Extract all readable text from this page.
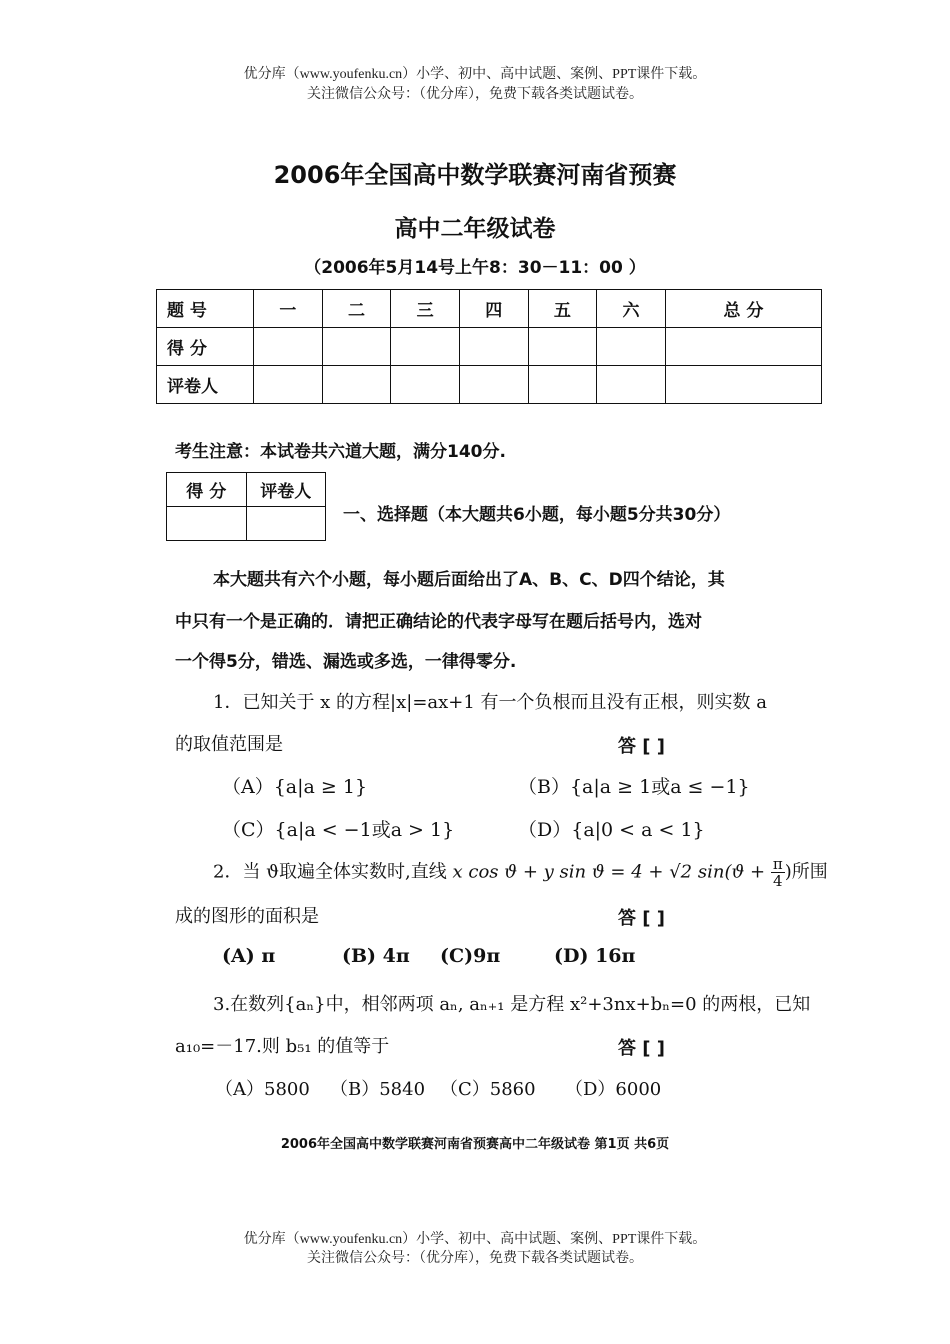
优分库（www.youfenku.cn）小学、初中、高中试题、案例、PPT课件下载。
关注微信公众号：（优分库），免费下载各类试题试卷。
2006年全国高中数学联赛河南省预赛
高中二年级试卷
（2006年5月14号上午8：30－11：00 ）
题 号	一	二	三	四	五	六	总 分
得 分							
评卷人							
考生注意：本试卷共六道大题，满分140分.
得 分	评卷人

一、选择题（本大题共6小题，每小题5分共30分）
本大题共有六个小题，每小题后面给出了A、B、C、D四个结论，其
中只有一个是正确的．请把正确结论的代表字母写在题后括号内，选对
一个得5分，错选、漏选或多选，一律得零分.
1．已知关于 x 的方程|x|=ax+1 有一个负根而且没有正根，则实数 a
的取值范围是	答 [ ]
（A）{a|a ≥ 1}	（B）{a|a ≥ 1或a ≤ −1}
（C）{a|a < −1或a > 1}	（D）{a|0 < a < 1}
2．当 ϑ取遍全体实数时,直线 x cos ϑ + y sin ϑ = 4 + √2 $\sin(ϑ + \frac{\pi}{4}$ )所围
成的图形的面积是	答 [ ]
(A) π	(B) 4π (C)9π	(D) 16π
3.在数列{aₙ}中，相邻两项 aₙ, aₙ₊₁ 是方程 x²+3nx+bₙ=0 的两根，已知
a₁₀=－17.则 b₅₁ 的值等于	答 [ ]
（A）5800 （B）5840 （C）5860 （D）6000
2006年全国高中数学联赛河南省预赛高中二年级试卷 第1页 共6页
优分库（www.youfenku.cn）小学、初中、高中试题、案例、PPT课件下载。
关注微信公众号：（优分库），免费下载各类试题试卷。
